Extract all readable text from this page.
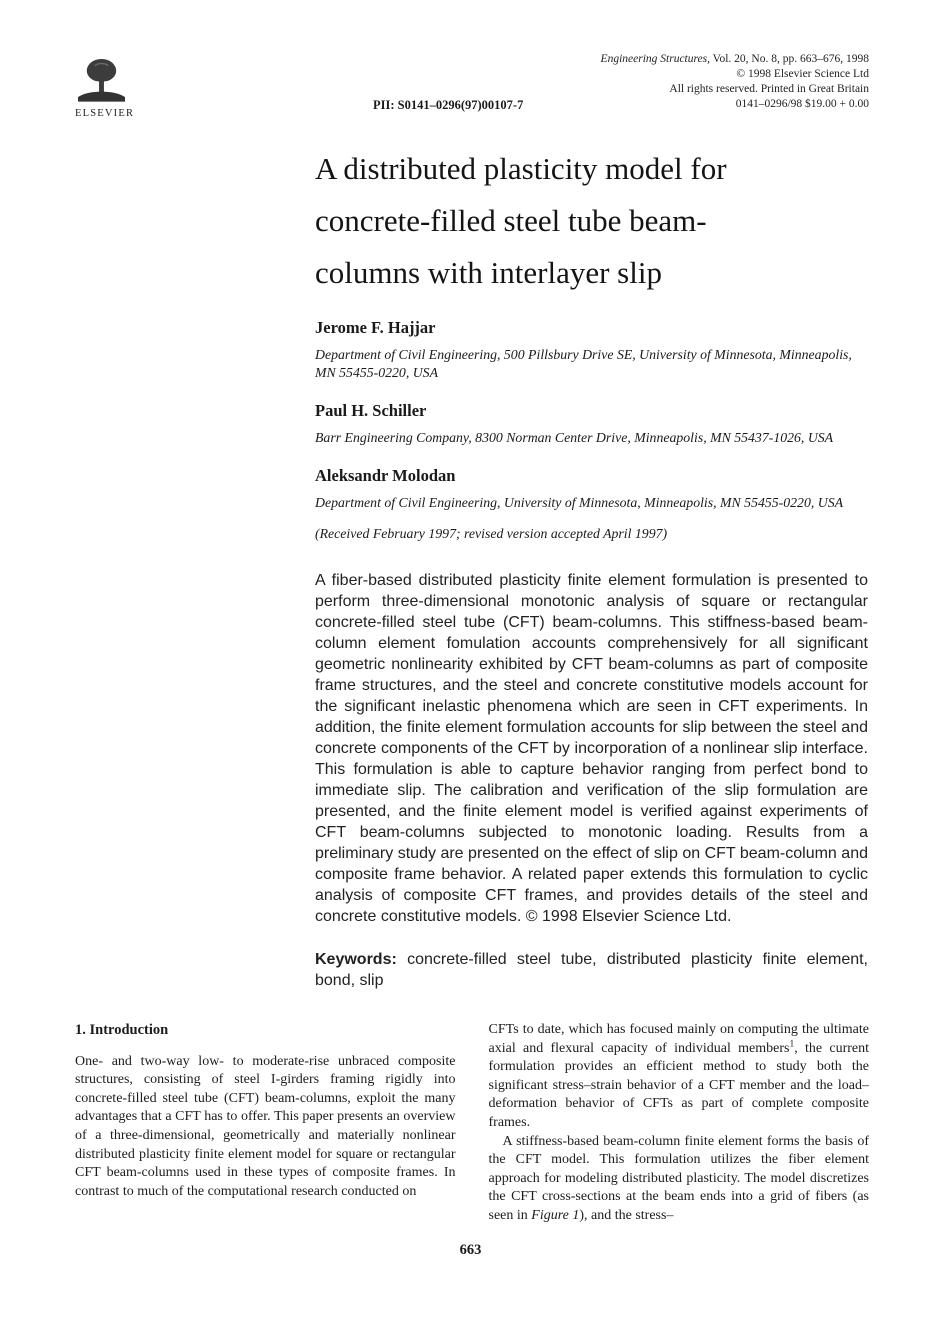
ELSEVIER
Engineering Structures, Vol. 20, No. 8, pp. 663–676, 1998
© 1998 Elsevier Science Ltd
All rights reserved. Printed in Great Britain
0141–0296/98 $19.00 + 0.00
PII: S0141–0296(97)00107-7
A distributed plasticity model for
concrete-filled steel tube beam-
columns with interlayer slip
Jerome F. Hajjar
Department of Civil Engineering, 500 Pillsbury Drive SE, University of Minnesota, Minneapolis, MN 55455-0220, USA
Paul H. Schiller
Barr Engineering Company, 8300 Norman Center Drive, Minneapolis, MN 55437-1026, USA
Aleksandr Molodan
Department of Civil Engineering, University of Minnesota, Minneapolis, MN 55455-0220, USA
(Received February 1997; revised version accepted April 1997)
A fiber-based distributed plasticity finite element formulation is presented to perform three-dimensional monotonic analysis of square or rectangular concrete-filled steel tube (CFT) beam-columns. This stiffness-based beam-column element fomulation accounts comprehensively for all significant geometric nonlinearity exhibited by CFT beam-columns as part of composite frame structures, and the steel and concrete constitutive models account for the significant inelastic phenomena which are seen in CFT experiments. In addition, the finite element formulation accounts for slip between the steel and concrete components of the CFT by incorporation of a nonlinear slip interface. This formulation is able to capture behavior ranging from perfect bond to immediate slip. The calibration and verification of the slip formulation are presented, and the finite element model is verified against experiments of CFT beam-columns subjected to monotonic loading. Results from a preliminary study are presented on the effect of slip on CFT beam-column and composite frame behavior. A related paper extends this formulation to cyclic analysis of composite CFT frames, and provides details of the steel and concrete constitutive models. © 1998 Elsevier Science Ltd.
Keywords: concrete-filled steel tube, distributed plasticity finite element, bond, slip
1. Introduction

One- and two-way low- to moderate-rise unbraced composite structures, consisting of steel I-girders framing rigidly into concrete-filled steel tube (CFT) beam-columns, exploit the many advantages that a CFT has to offer. This paper presents an overview of a three-dimensional, geometrically and materially nonlinear distributed plasticity finite element model for square or rectangular CFT beam-columns used in these types of composite frames. In contrast to much of the computational research conducted on

CFTs to date, which has focused mainly on computing the ultimate axial and flexural capacity of individual members$^1$, the current formulation provides an efficient method to study both the significant stress–strain behavior of a CFT member and the load–deformation behavior of CFTs as part of complete composite frames.

A stiffness-based beam-column finite element forms the basis of the CFT model. This formulation utilizes the fiber element approach for modeling distributed plasticity. The model discretizes the CFT cross-sections at the beam ends into a grid of fibers (as seen in Figure 1), and the stress–

663
